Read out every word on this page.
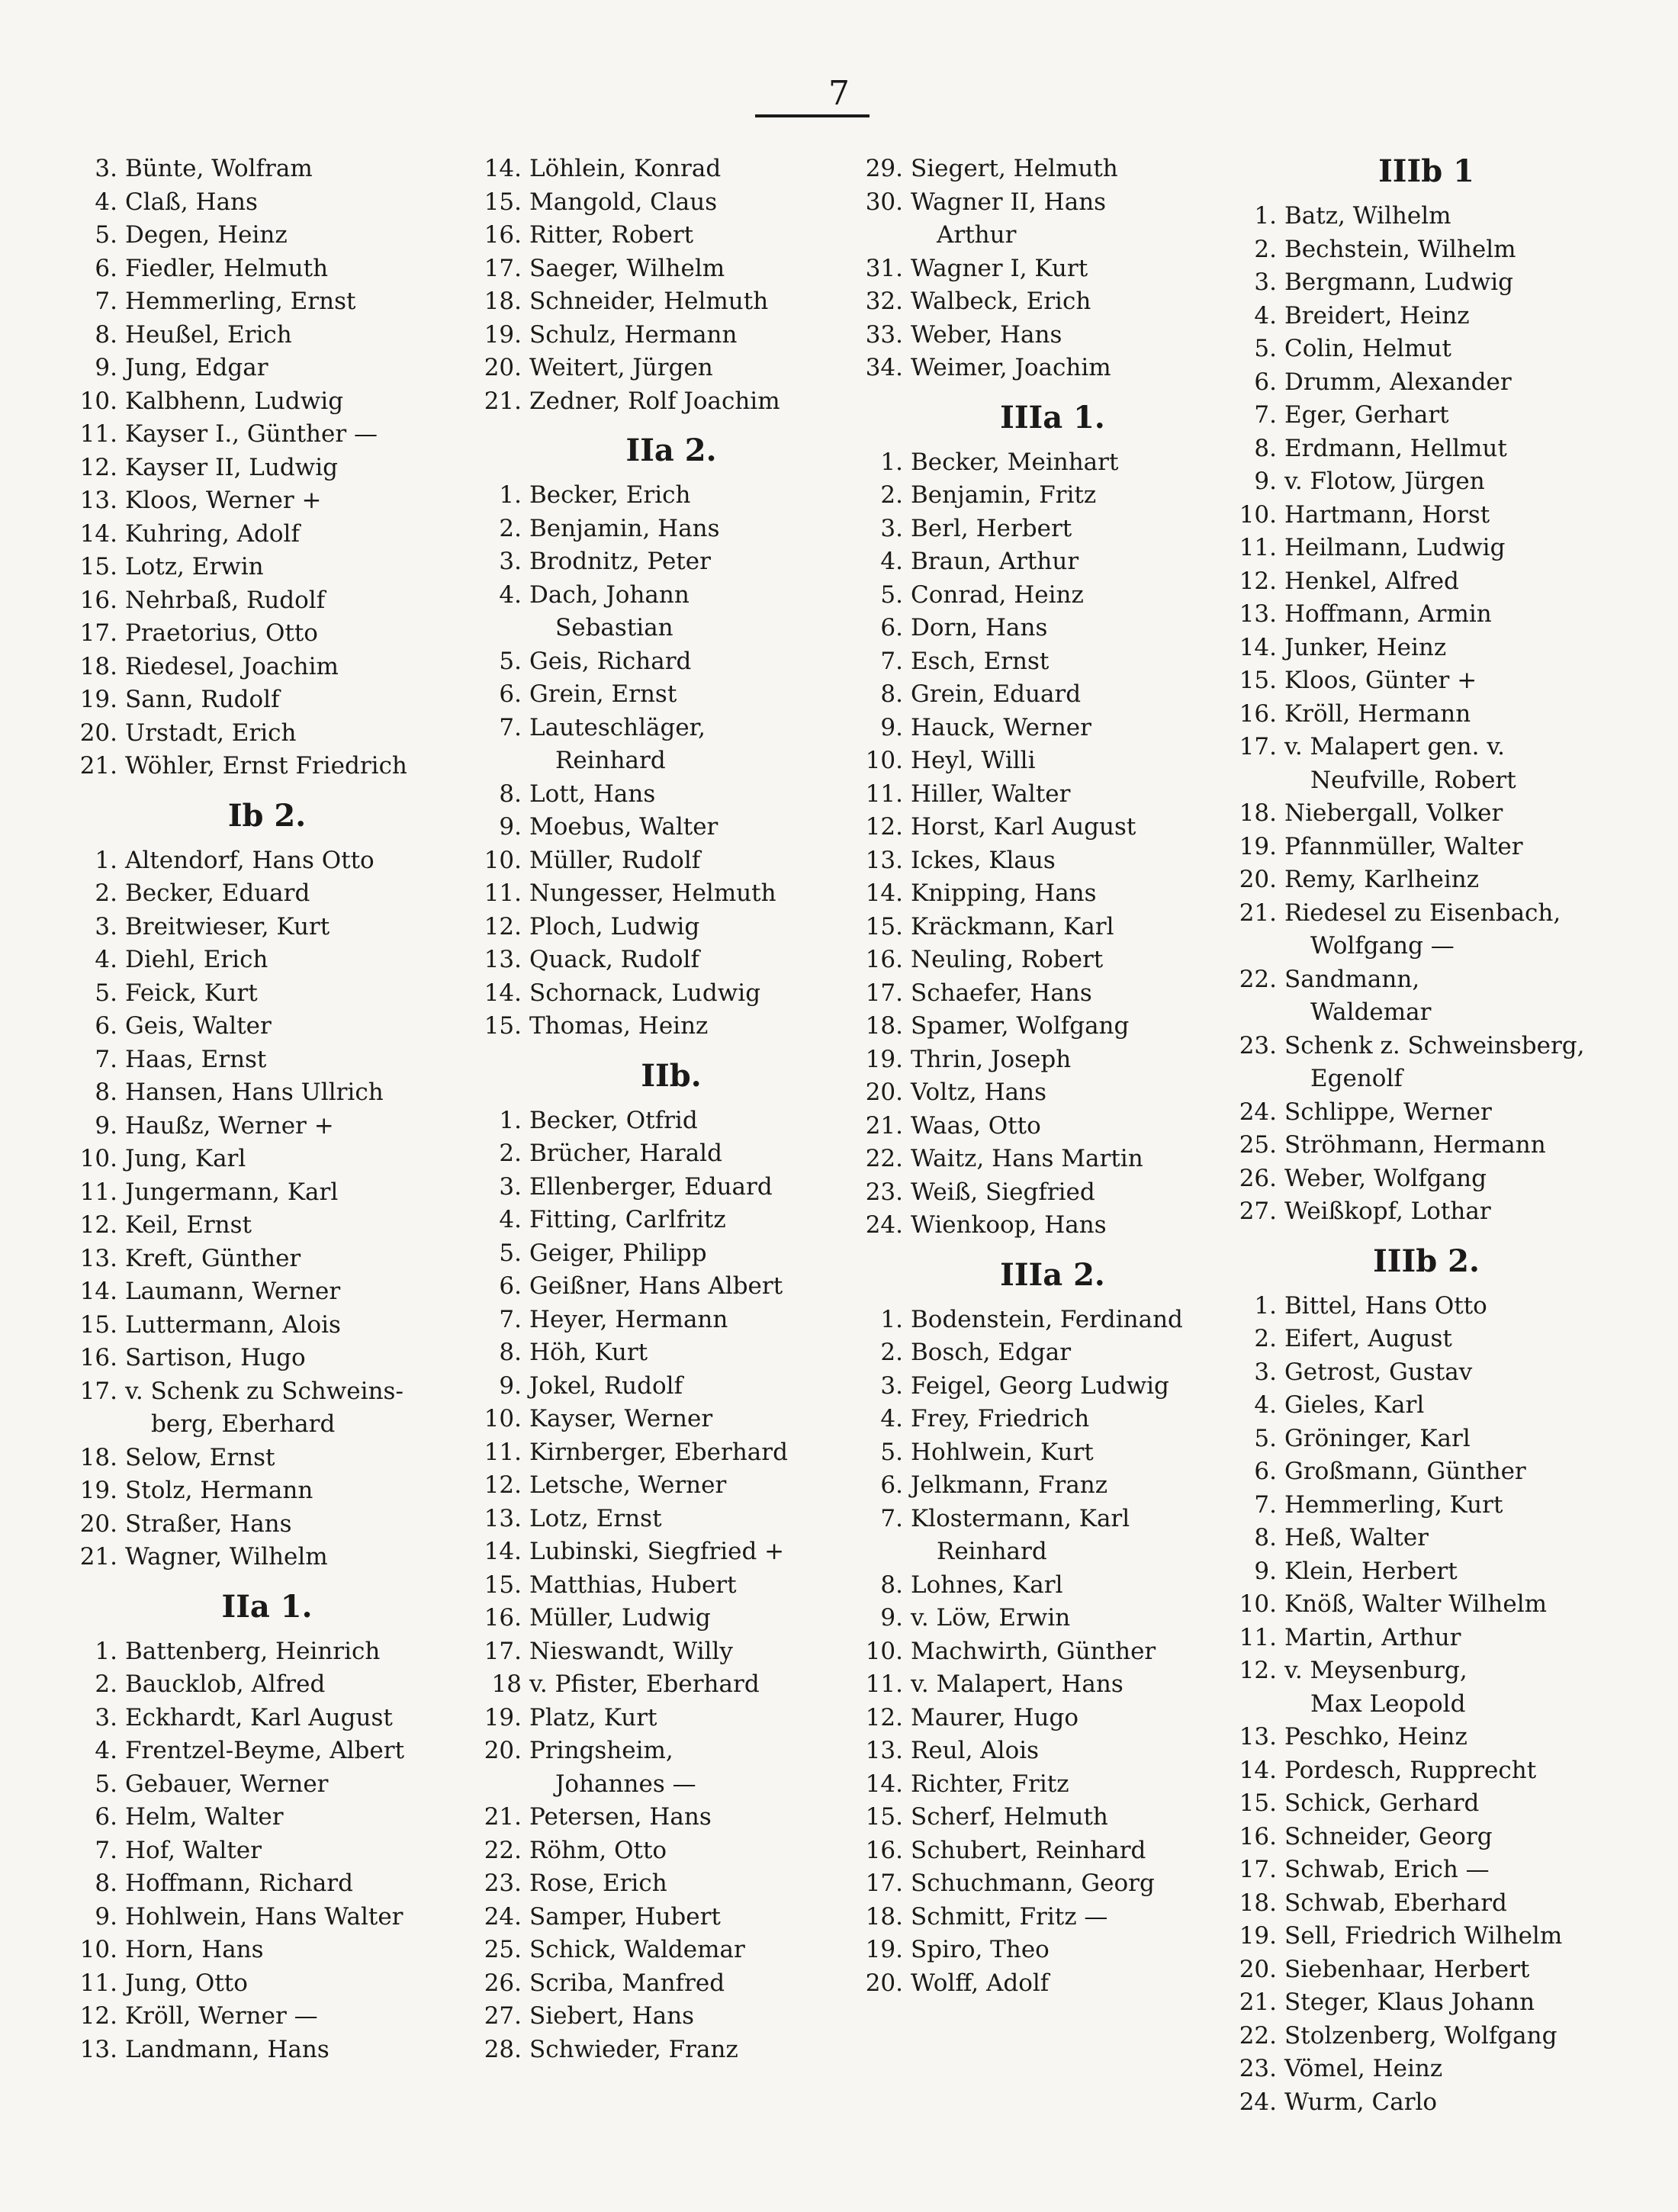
7
3. Bünte, Wolfram
4. Claß, Hans
5. Degen, Heinz
6. Fiedler, Helmuth
7. Hemmerling, Ernst
8. Heußel, Erich
9. Jung, Edgar
10. Kalbhenn, Ludwig
11. Kayser I., Günther —
12. Kayser II, Ludwig
13. Kloos, Werner +
14. Kuhring, Adolf
15. Lotz, Erwin
16. Nehrbaß, Rudolf
17. Praetorius, Otto
18. Riedesel, Joachim
19. Sann, Rudolf
20. Urstadt, Erich
21. Wöhler, Ernst Friedrich
Ib 2.
1. Altendorf, Hans Otto
2. Becker, Eduard
3. Breitwieser, Kurt
4. Diehl, Erich
5. Feick, Kurt
6. Geis, Walter
7. Haas, Ernst
8. Hansen, Hans Ullrich
9. Haußz, Werner +
10. Jung, Karl
11. Jungermann, Karl
12. Keil, Ernst
13. Kreft, Günther
14. Laumann, Werner
15. Luttermann, Alois
16. Sartison, Hugo
17. v. Schenk zu Schweins-
berg, Eberhard
18. Selow, Ernst
19. Stolz, Hermann
20. Straßer, Hans
21. Wagner, Wilhelm
IIa 1.
1. Battenberg, Heinrich
2. Baucklob, Alfred
3. Eckhardt, Karl August
4. Frentzel-Beyme, Albert
5. Gebauer, Werner
6. Helm, Walter
7. Hof, Walter
8. Hoffmann, Richard
9. Hohlwein, Hans Walter
10. Horn, Hans
11. Jung, Otto
12. Kröll, Werner —
13. Landmann, Hans
14. Löhlein, Konrad
15. Mangold, Claus
16. Ritter, Robert
17. Saeger, Wilhelm
18. Schneider, Helmuth
19. Schulz, Hermann
20. Weitert, Jürgen
21. Zedner, Rolf Joachim
IIa 2.
1. Becker, Erich
2. Benjamin, Hans
3. Brodnitz, Peter
4. Dach, Johann
Sebastian
5. Geis, Richard
6. Grein, Ernst
7. Lauteschläger,
Reinhard
8. Lott, Hans
9. Moebus, Walter
10. Müller, Rudolf
11. Nungesser, Helmuth
12. Ploch, Ludwig
13. Quack, Rudolf
14. Schornack, Ludwig
15. Thomas, Heinz
IIb.
1. Becker, Otfrid
2. Brücher, Harald
3. Ellenberger, Eduard
4. Fitting, Carlfritz
5. Geiger, Philipp
6. Geißner, Hans Albert
7. Heyer, Hermann
8. Höh, Kurt
9. Jokel, Rudolf
10. Kayser, Werner
11. Kirnberger, Eberhard
12. Letsche, Werner
13. Lotz, Ernst
14. Lubinski, Siegfried +
15. Matthias, Hubert
16. Müller, Ludwig
17. Nieswandt, Willy
18 v. Pfister, Eberhard
19. Platz, Kurt
20. Pringsheim,
Johannes —
21. Petersen, Hans
22. Röhm, Otto
23. Rose, Erich
24. Samper, Hubert
25. Schick, Waldemar
26. Scriba, Manfred
27. Siebert, Hans
28. Schwieder, Franz
29. Siegert, Helmuth
30. Wagner II, Hans
Arthur
31. Wagner I, Kurt
32. Walbeck, Erich
33. Weber, Hans
34. Weimer, Joachim
IIIa 1.
1. Becker, Meinhart
2. Benjamin, Fritz
3. Berl, Herbert
4. Braun, Arthur
5. Conrad, Heinz
6. Dorn, Hans
7. Esch, Ernst
8. Grein, Eduard
9. Hauck, Werner
10. Heyl, Willi
11. Hiller, Walter
12. Horst, Karl August
13. Ickes, Klaus
14. Knipping, Hans
15. Kräckmann, Karl
16. Neuling, Robert
17. Schaefer, Hans
18. Spamer, Wolfgang
19. Thrin, Joseph
20. Voltz, Hans
21. Waas, Otto
22. Waitz, Hans Martin
23. Weiß, Siegfried
24. Wienkoop, Hans
IIIa 2.
1. Bodenstein, Ferdinand
2. Bosch, Edgar
3. Feigel, Georg Ludwig
4. Frey, Friedrich
5. Hohlwein, Kurt
6. Jelkmann, Franz
7. Klostermann, Karl
Reinhard
8. Lohnes, Karl
9. v. Löw, Erwin
10. Machwirth, Günther
11. v. Malapert, Hans
12. Maurer, Hugo
13. Reul, Alois
14. Richter, Fritz
15. Scherf, Helmuth
16. Schubert, Reinhard
17. Schuchmann, Georg
18. Schmitt, Fritz —
19. Spiro, Theo
20. Wolff, Adolf
IIIb 1
1. Batz, Wilhelm
2. Bechstein, Wilhelm
3. Bergmann, Ludwig
4. Breidert, Heinz
5. Colin, Helmut
6. Drumm, Alexander
7. Eger, Gerhart
8. Erdmann, Hellmut
9. v. Flotow, Jürgen
10. Hartmann, Horst
11. Heilmann, Ludwig
12. Henkel, Alfred
13. Hoffmann, Armin
14. Junker, Heinz
15. Kloos, Günter +
16. Kröll, Hermann
17. v. Malapert gen. v.
Neufville, Robert
18. Niebergall, Volker
19. Pfannmüller, Walter
20. Remy, Karlheinz
21. Riedesel zu Eisenbach,
Wolfgang —
22. Sandmann,
Waldemar
23. Schenk z. Schweinsberg,
Egenolf
24. Schlippe, Werner
25. Ströhmann, Hermann
26. Weber, Wolfgang
27. Weißkopf, Lothar
IIIb 2.
1. Bittel, Hans Otto
2. Eifert, August
3. Getrost, Gustav
4. Gieles, Karl
5. Gröninger, Karl
6. Großmann, Günther
7. Hemmerling, Kurt
8. Heß, Walter
9. Klein, Herbert
10. Knöß, Walter Wilhelm
11. Martin, Arthur
12. v. Meysenburg,
Max Leopold
13. Peschko, Heinz
14. Pordesch, Rupprecht
15. Schick, Gerhard
16. Schneider, Georg
17. Schwab, Erich —
18. Schwab, Eberhard
19. Sell, Friedrich Wilhelm
20. Siebenhaar, Herbert
21. Steger, Klaus Johann
22. Stolzenberg, Wolfgang
23. Vömel, Heinz
24. Wurm, Carlo
